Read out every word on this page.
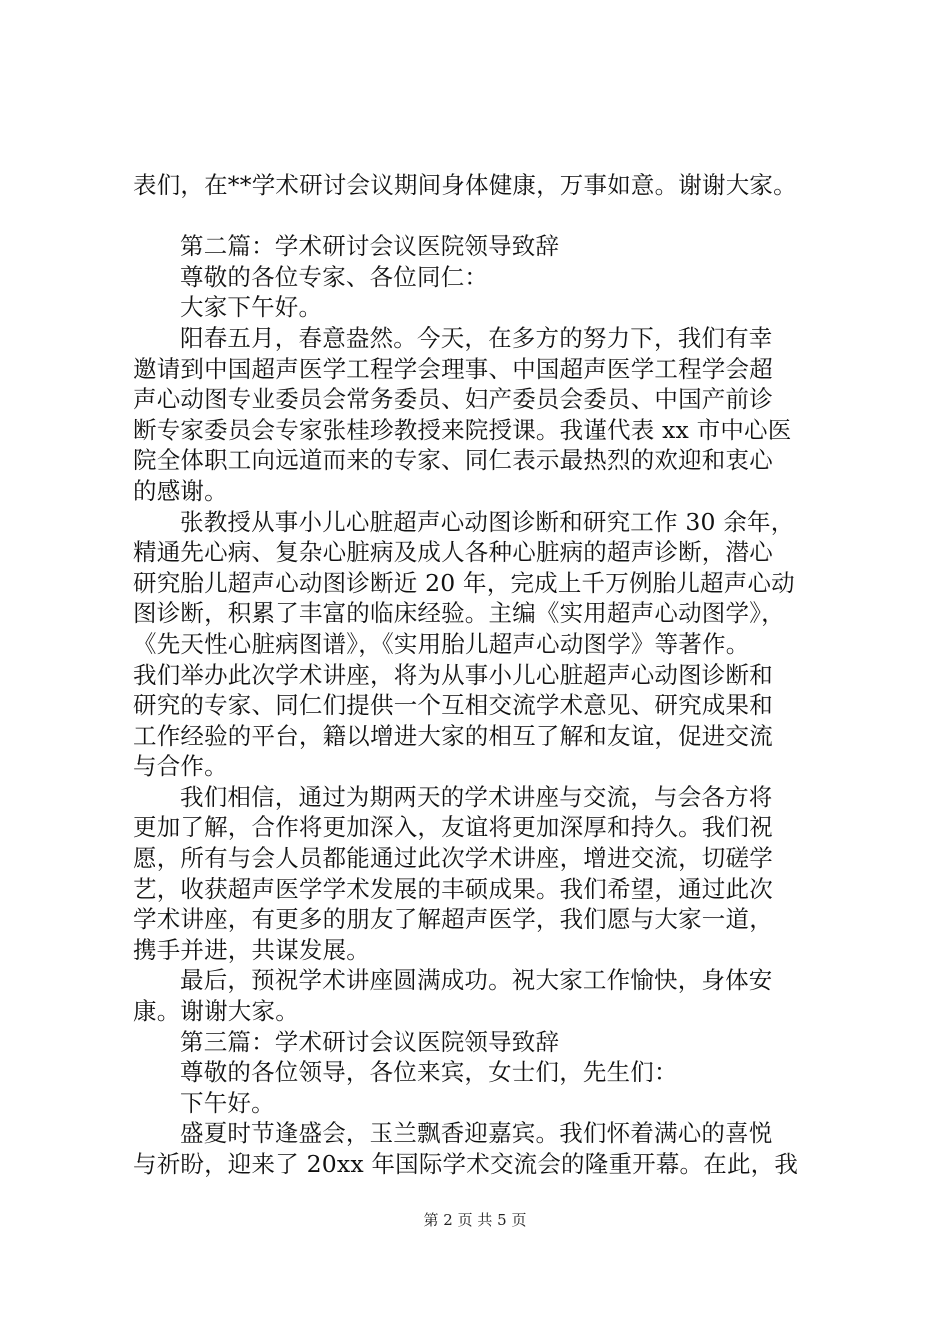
表们，在**学术研讨会议期间身体健康，万事如意。谢谢大家。
第二篇：学术研讨会议医院领导致辞
尊敬的各位专家、各位同仁：
大家下午好。
阳春五月，春意盎然。今天，在多方的努力下，我们有幸
邀请到中国超声医学工程学会理事、中国超声医学工程学会超
声心动图专业委员会常务委员、妇产委员会委员、中国产前诊
断专家委员会专家张桂珍教授来院授课。我谨代表 xx 市中心医
院全体职工向远道而来的专家、同仁表示最热烈的欢迎和衷心
的感谢。
张教授从事小儿心脏超声心动图诊断和研究工作 30 余年，
精通先心病、复杂心脏病及成人各种心脏病的超声诊断，潜心
研究胎儿超声心动图诊断近 20 年，完成上千万例胎儿超声心动
图诊断，积累了丰富的临床经验。主编《实用超声心动图学》，
《先天性心脏病图谱》，《实用胎儿超声心动图学》等著作。
我们举办此次学术讲座，将为从事小儿心脏超声心动图诊断和
研究的专家、同仁们提供一个互相交流学术意见、研究成果和
工作经验的平台，籍以增进大家的相互了解和友谊，促进交流
与合作。
我们相信，通过为期两天的学术讲座与交流，与会各方将
更加了解，合作将更加深入，友谊将更加深厚和持久。我们祝
愿，所有与会人员都能通过此次学术讲座，增进交流，切磋学
艺，收获超声医学学术发展的丰硕成果。我们希望，通过此次
学术讲座，有更多的朋友了解超声医学，我们愿与大家一道，
携手并进，共谋发展。
最后，预祝学术讲座圆满成功。祝大家工作愉快，身体安
康。谢谢大家。
第三篇：学术研讨会议医院领导致辞
尊敬的各位领导，各位来宾，女士们，先生们：
下午好。
盛夏时节逢盛会，玉兰飘香迎嘉宾。我们怀着满心的喜悦
与祈盼，迎来了 20xx 年国际学术交流会的隆重开幕。在此，我
第 2 页 共 5 页
